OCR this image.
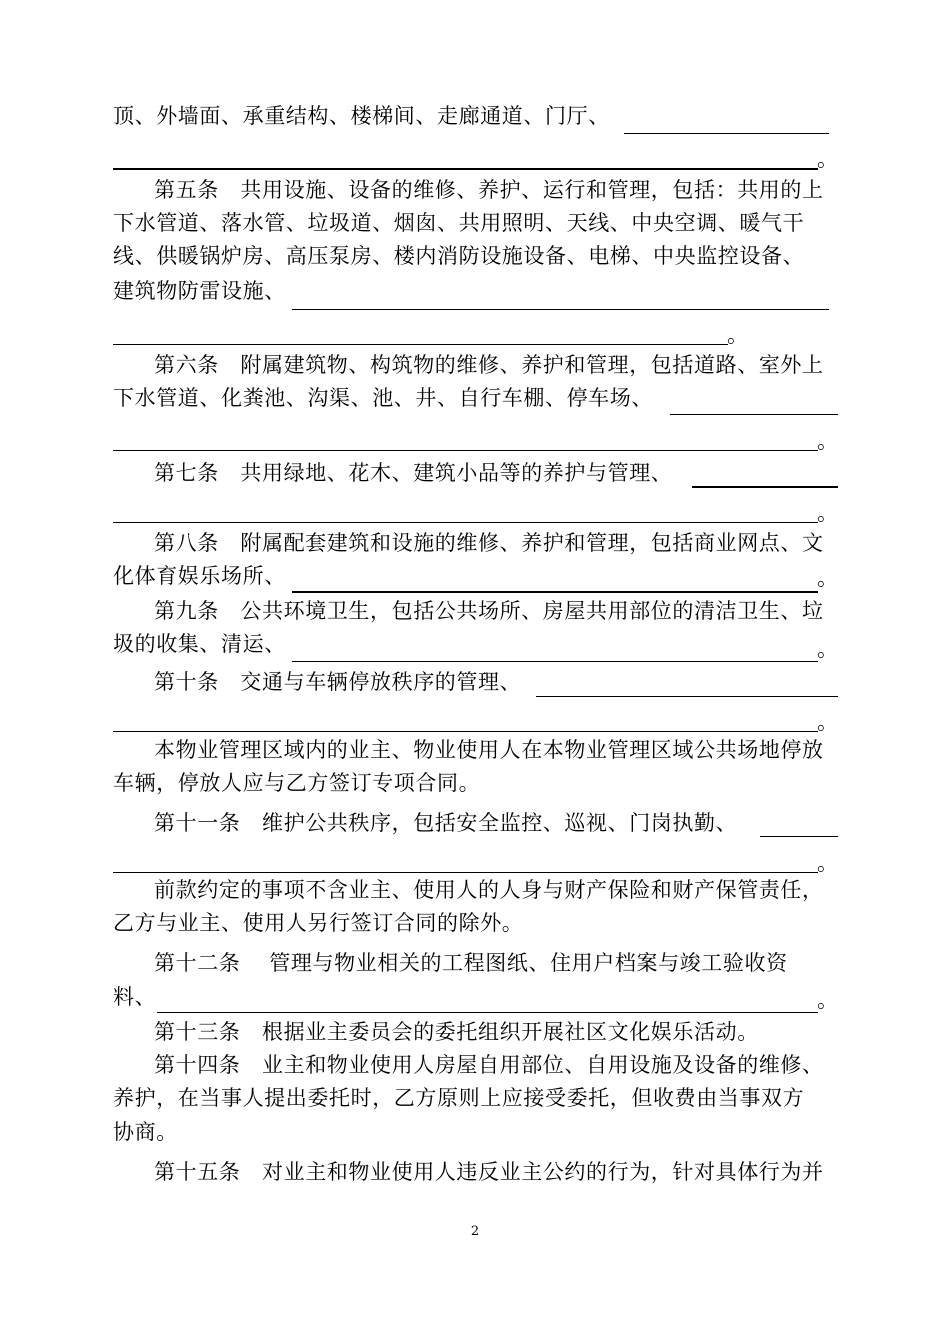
顶、外墙面、承重结构、楼梯间、走廊通道、门厅、
。
第五条　共用设施、设备的维修、养护、运行和管理，包括：共用的上
下水管道、落水管、垃圾道、烟囱、共用照明、天线、中央空调、暖气干
线、供暖锅炉房、高压泵房、楼内消防设施设备、电梯、中央监控设备、
建筑物防雷设施、
。
第六条　附属建筑物、构筑物的维修、养护和管理，包括道路、室外上
下水管道、化粪池、沟渠、池、井、自行车棚、停车场、
。
第七条　共用绿地、花木、建筑小品等的养护与管理、
。
第八条　附属配套建筑和设施的维修、养护和管理，包括商业网点、文
化体育娱乐场所、	。
第九条　公共环境卫生，包括公共场所、房屋共用部位的清洁卫生、垃
圾的收集、清运、	。
第十条　交通与车辆停放秩序的管理、
。
本物业管理区域内的业主、物业使用人在本物业管理区域公共场地停放
车辆，停放人应与乙方签订专项合同。
第十一条　维护公共秩序，包括安全监控、巡视、门岗执勤、
。
前款约定的事项不含业主、使用人的人身与财产保险和财产保管责任，
乙方与业主、使用人另行签订合同的除外。
第十二条　 管理与物业相关的工程图纸、住用户档案与竣工验收资
料、	。
第十三条　根据业主委员会的委托组织开展社区文化娱乐活动。
第十四条　业主和物业使用人房屋自用部位、自用设施及设备的维修、
养护，在当事人提出委托时，乙方原则上应接受委托，但收费由当事双方
协商。
第十五条　对业主和物业使用人违反业主公约的行为，针对具体行为并
2
